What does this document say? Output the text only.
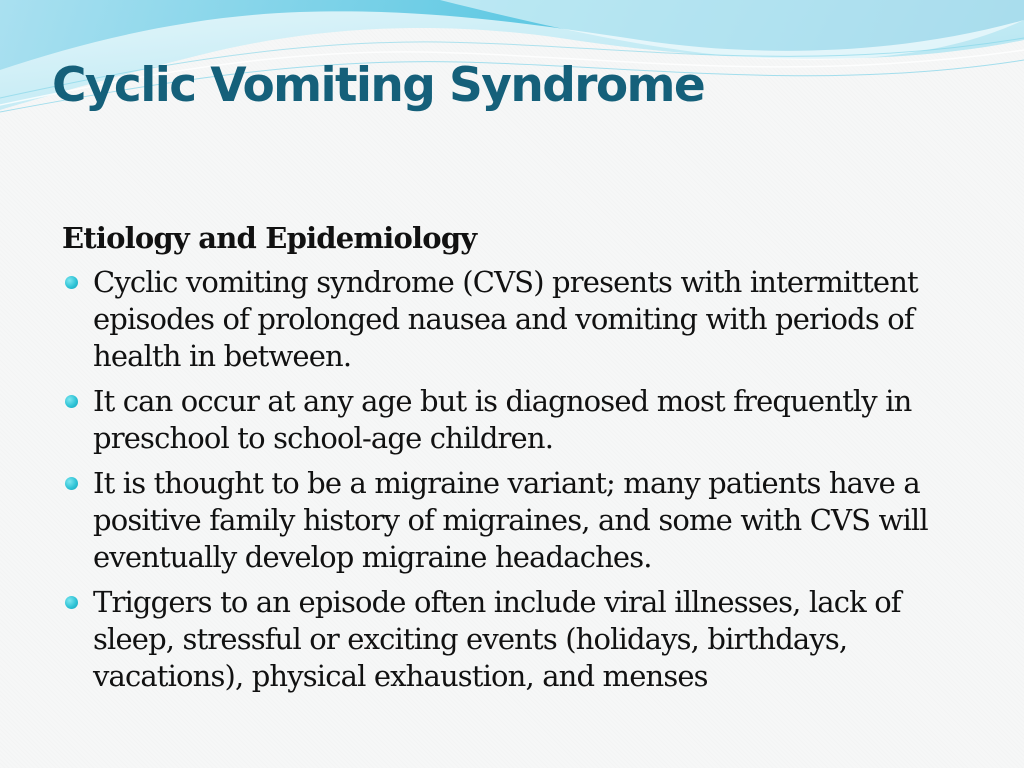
Cyclic Vomiting Syndrome

Etiology and Epidemiology

Cyclic vomiting syndrome (CVS) presents with intermittent episodes of prolonged nausea and vomiting with periods of health in between.
It can occur at any age but is diagnosed most frequently in preschool to school-age children.
It is thought to be a migraine variant; many patients have a positive family history of migraines, and some with CVS will eventually develop migraine headaches.
Triggers to an episode often include viral illnesses, lack of sleep, stressful or exciting events (holidays, birthdays, vacations), physical exhaustion, and menses
